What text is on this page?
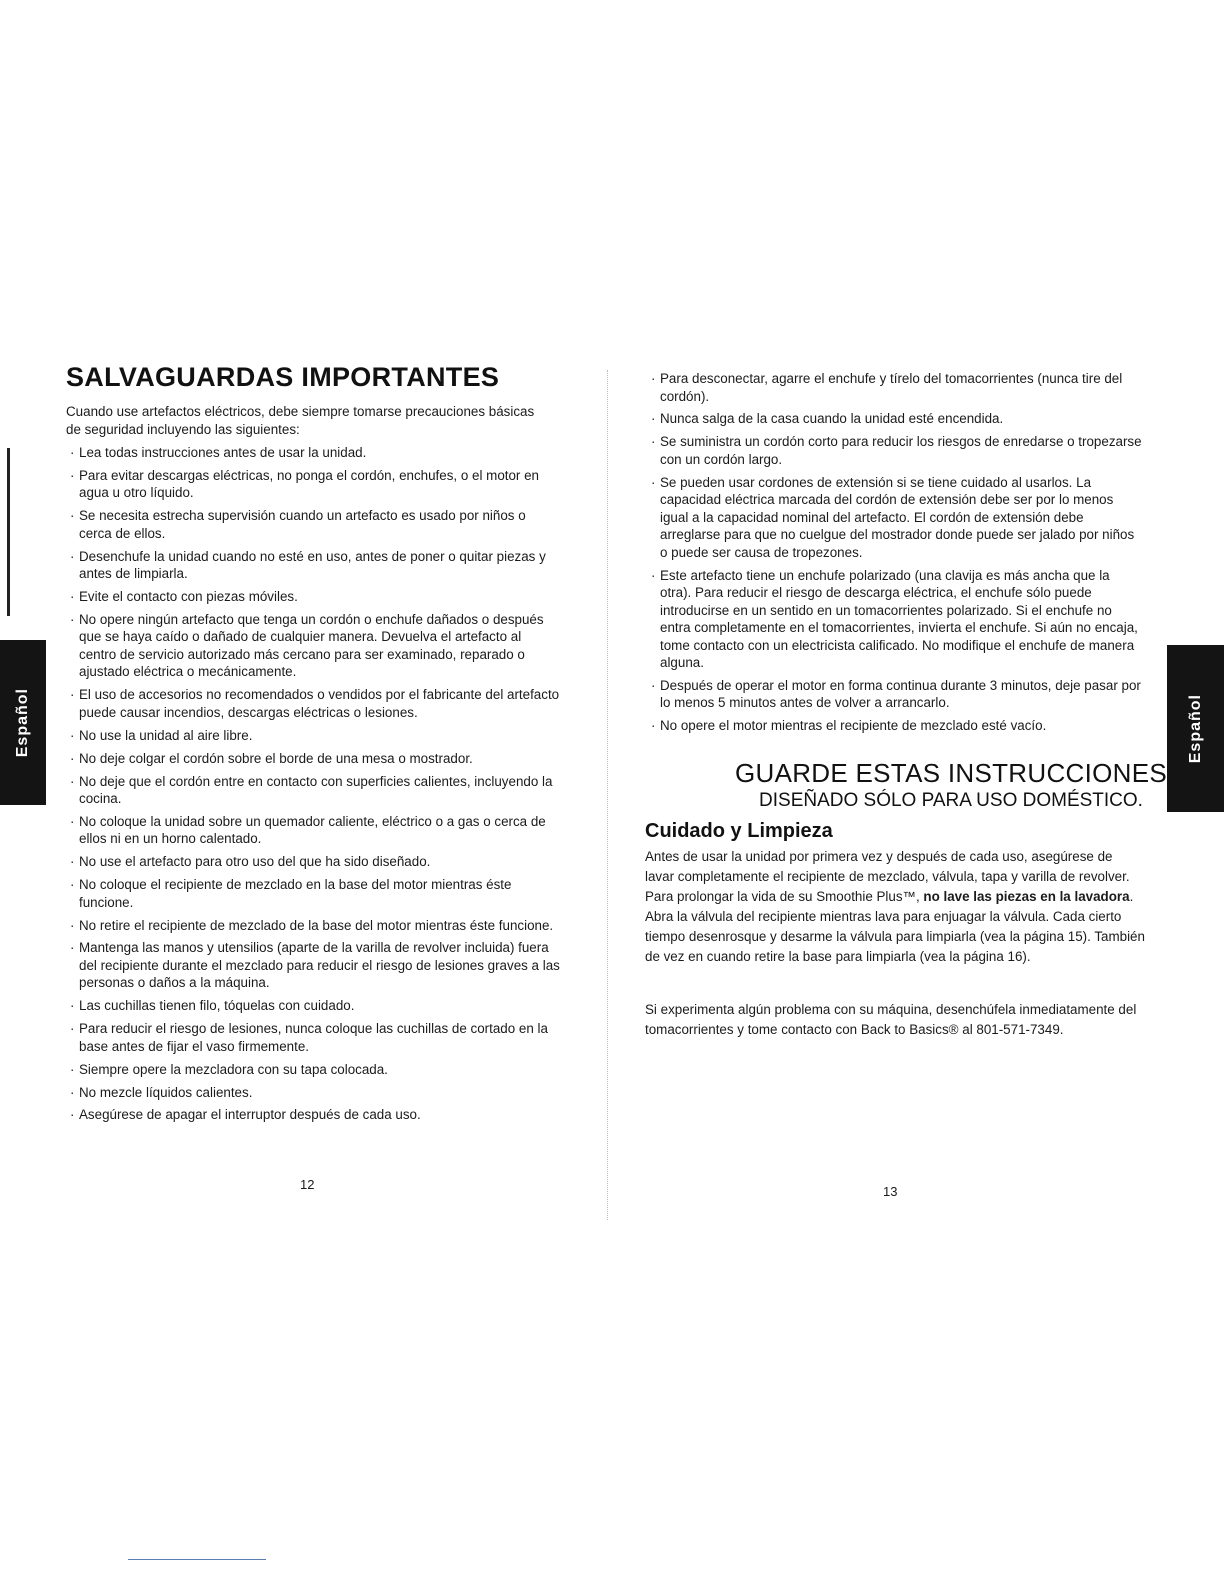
SALVAGUARDAS IMPORTANTES

Cuando use artefactos eléctricos, debe siempre tomarse precauciones básicas de seguridad incluyendo las siguientes:

· Lea todas instrucciones antes de usar la unidad.
· Para evitar descargas eléctricas, no ponga el cordón, enchufes, o el motor en agua u otro líquido.
· Se necesita estrecha supervisión cuando un artefacto es usado por niños o cerca de ellos.
· Desenchufe la unidad cuando no esté en uso, antes de poner o quitar piezas y antes de limpiarla.
· Evite el contacto con piezas móviles.
· No opere ningún artefacto que tenga un cordón o enchufe dañados o después que se haya caído o dañado de cualquier manera. Devuelva el artefacto al centro de servicio autorizado más cercano para ser examinado, reparado o ajustado eléctrica o mecánicamente.
· El uso de accesorios no recomendados o vendidos por el fabricante del artefacto puede causar incendios, descargas eléctricas o lesiones.
· No use la unidad al aire libre.
· No deje colgar el cordón sobre el borde de una mesa o mostrador.
· No deje que el cordón entre en contacto con superficies calientes, incluyendo la cocina.
· No coloque la unidad sobre un quemador caliente, eléctrico o a gas o cerca de ellos ni en un horno calentado.
· No use el artefacto para otro uso del que ha sido diseñado.
· No coloque el recipiente de mezclado en la base del motor mientras éste funcione.
· No retire el recipiente de mezclado de la base del motor mientras éste funcione.
· Mantenga las manos y utensilios (aparte de la varilla de revolver incluida) fuera del recipiente durante el mezclado para reducir el riesgo de lesiones graves a las personas o daños a la máquina.
· Las cuchillas tienen filo, tóquelas con cuidado.
· Para reducir el riesgo de lesiones, nunca coloque las cuchillas de cortado en la base antes de fijar el vaso firmemente.
· Siempre opere la mezcladora con su tapa colocada.
· No mezcle líquidos calientes.
· Asegúrese de apagar el interruptor después de cada uso.
12
Español
· Para desconectar, agarre el enchufe y tírelo del tomacorrientes (nunca tire del cordón).
· Nunca salga de la casa cuando la unidad esté encendida.
· Se suministra un cordón corto para reducir los riesgos de enredarse o tropezarse con un cordón largo.
· Se pueden usar cordones de extensión si se tiene cuidado al usarlos. La capacidad eléctrica marcada del cordón de extensión debe ser por lo menos igual a la capacidad nominal del artefacto. El cordón de extensión debe arreglarse para que no cuelgue del mostrador donde puede ser jalado por niños o puede ser causa de tropezones.
· Este artefacto tiene un enchufe polarizado (una clavija es más ancha que la otra). Para reducir el riesgo de descarga eléctrica, el enchufe sólo puede introducirse en un sentido en un tomacorrientes polarizado. Si el enchufe no entra completamente en el tomacorrientes, invierta el enchufe. Si aún no encaja, tome contacto con un electricista calificado. No modifique el enchufe de manera alguna.
· Después de operar el motor en forma continua durante 3 minutos, deje pasar por lo menos 5 minutos antes de volver a arrancarlo.
· No opere el motor mientras el recipiente de mezclado esté vacío.
GUARDE ESTAS INSTRUCCIONES
DISEÑADO SÓLO PARA USO DOMÉSTICO.
Cuidado y Limpieza

Antes de usar la unidad por primera vez y después de cada uso, asegúrese de lavar completamente el recipiente de mezclado, válvula, tapa y varilla de revolver. Para prolongar la vida de su Smoothie Plus™, no lave las piezas en la lavadora. Abra la válvula del recipiente mientras lava para enjuagar la válvula. Cada cierto tiempo desenrosque y desarme la válvula para limpiarla (vea la página 15). También de vez en cuando retire la base para limpiarla (vea la página 16).

Si experimenta algún problema con su máquina, desenchúfela inmediatamente del tomacorrientes y tome contacto con Back to Basics® al 801-571-7349.

13
Español
